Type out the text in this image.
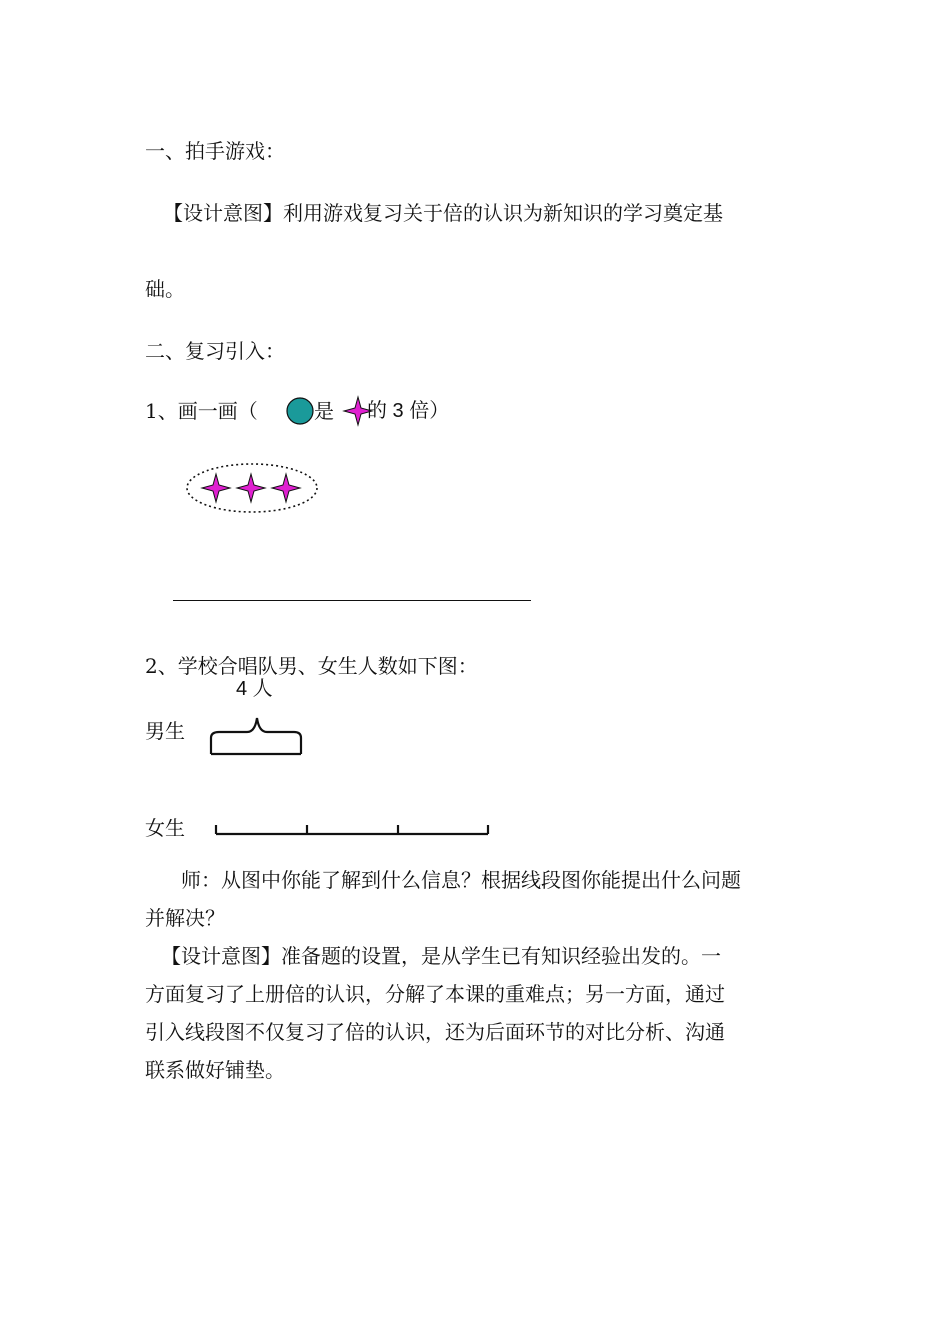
一、拍手游戏：
【设计意图】利用游戏复习关于倍的认识为新知识的学习奠定基
础。
二、复习引入：
1、画一画（	是 的 3 倍）
2、学校合唱队男、女生人数如下图：
4 人
男生
女生
师：从图中你能了解到什么信息？根据线段图你能提出什么问题
并解决？
【设计意图】准备题的设置，是从学生已有知识经验出发的。一
方面复习了上册倍的认识，分解了本课的重难点；另一方面，通过
引入线段图不仅复习了倍的认识，还为后面环节的对比分析、沟通
联系做好铺垫。
